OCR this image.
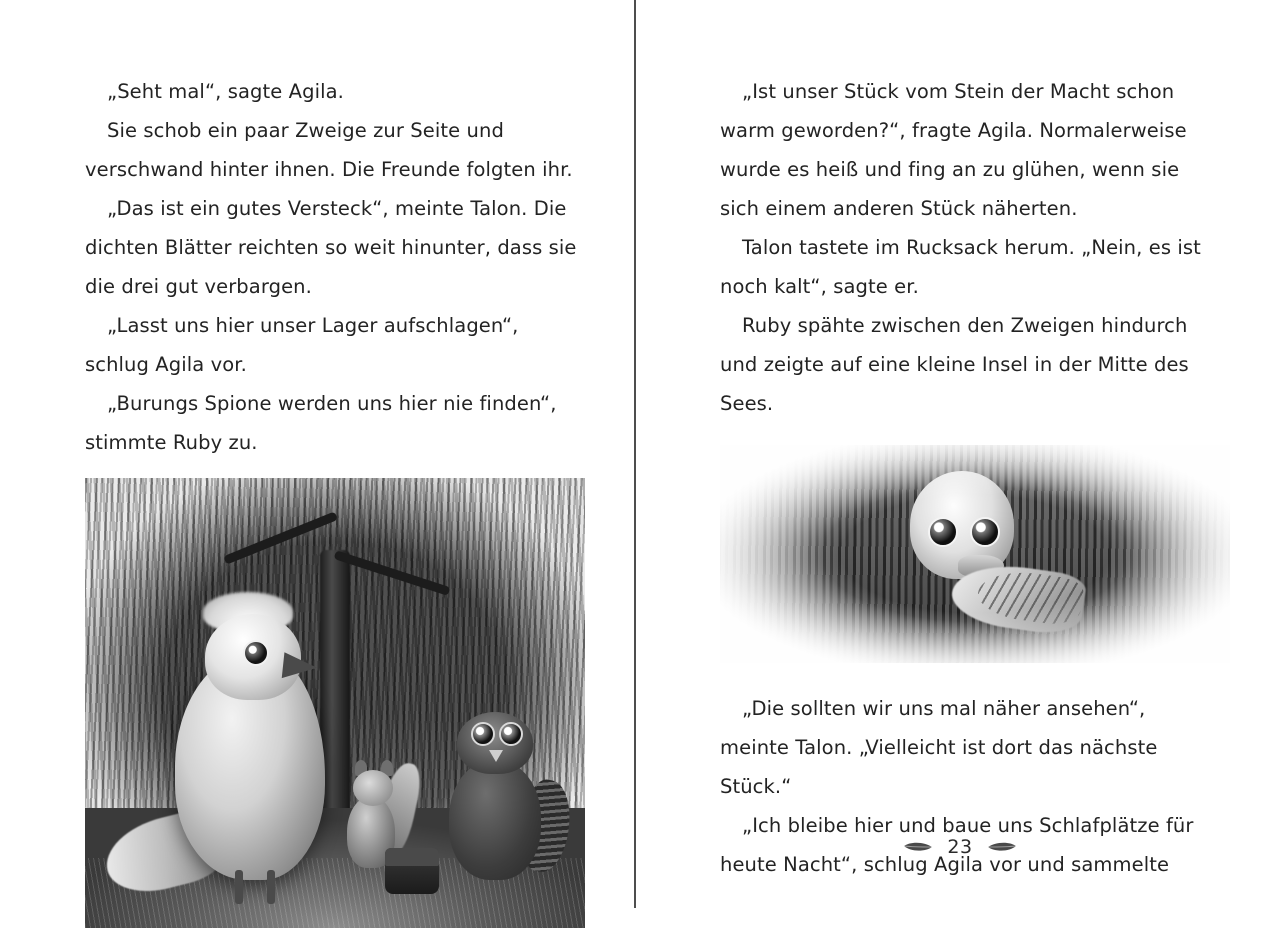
„Seht mal“, sagte Agila.

Sie schob ein paar Zweige zur Seite und verschwand hinter ihnen. Die Freunde folgten ihr.

„Das ist ein gutes Versteck“, meinte Talon. Die dichten Blätter reichten so weit hinunter, dass sie die drei gut verbargen.

„Lasst uns hier unser Lager aufschlagen“, schlug Agila vor.

„Burungs Spione werden uns hier nie finden“, stimmte Ruby zu.

„Ist unser Stück vom Stein der Macht schon warm geworden?“, fragte Agila. Normalerweise wurde es heiß und fing an zu glühen, wenn sie sich einem anderen Stück näherten.

Talon tastete im Rucksack herum. „Nein, es ist noch kalt“, sagte er.

Ruby spähte zwischen den Zweigen hindurch und zeigte auf eine kleine Insel in der Mitte des Sees.

„Die sollten wir uns mal näher ansehen“, meinte Talon. „Vielleicht ist dort das nächste Stück.“

„Ich bleibe hier und baue uns Schlafplätze für heute Nacht“, schlug Agila vor und sammelte

23
